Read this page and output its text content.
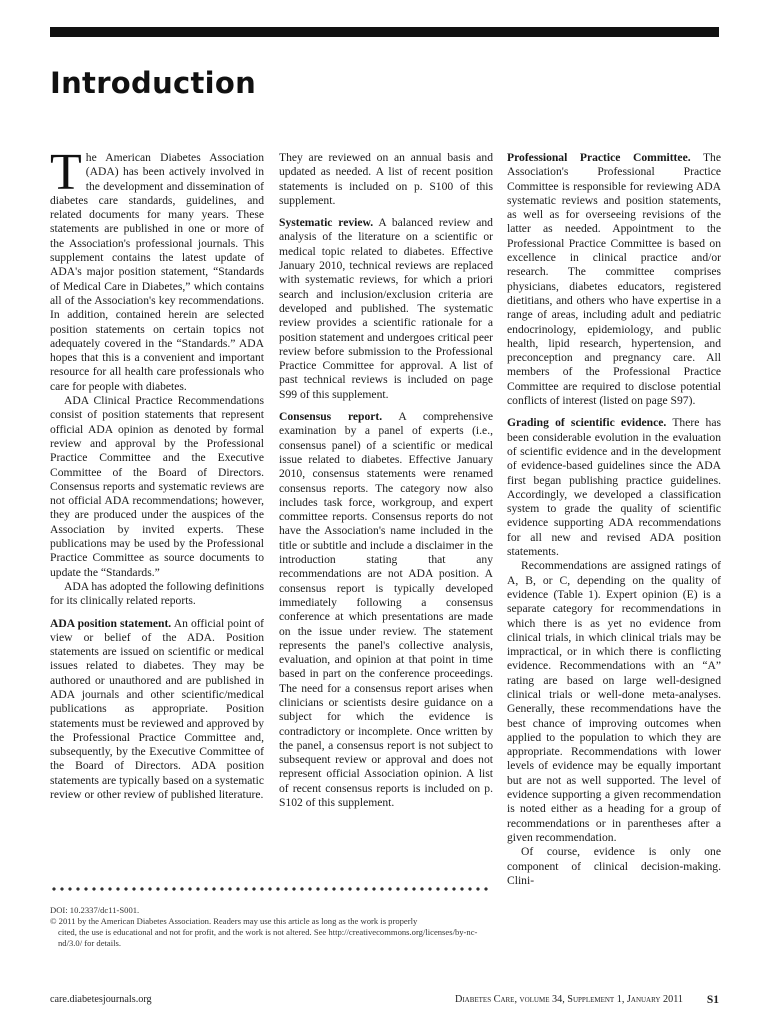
Introduction

The American Diabetes Association (ADA) has been actively involved in the development and dissemination of diabetes care standards, guidelines, and related documents for many years. These statements are published in one or more of the Association's professional journals. This supplement contains the latest update of ADA's major position statement, “Standards of Medical Care in Diabetes,” which contains all of the Association's key recommendations. In addition, contained herein are selected position statements on certain topics not adequately covered in the “Standards.” ADA hopes that this is a convenient and important resource for all health care professionals who care for people with diabetes.

ADA Clinical Practice Recommendations consist of position statements that represent official ADA opinion as denoted by formal review and approval by the Professional Practice Committee and the Executive Committee of the Board of Directors. Consensus reports and systematic reviews are not official ADA recommendations; however, they are produced under the auspices of the Association by invited experts. These publications may be used by the Professional Practice Committee as source documents to update the “Standards.”

ADA has adopted the following definitions for its clinically related reports.

ADA position statement. An official point of view or belief of the ADA. Position statements are issued on scientific or medical issues related to diabetes. They may be authored or unauthored and are published in ADA journals and other scientific/medical publications as appropriate. Position statements must be reviewed and approved by the Professional Practice Committee and, subsequently, by the Executive Committee of the Board of Directors. ADA position statements are typically based on a systematic review or other review of published literature.

They are reviewed on an annual basis and updated as needed. A list of recent position statements is included on p. S100 of this supplement.

Systematic review. A balanced review and analysis of the literature on a scientific or medical topic related to diabetes. Effective January 2010, technical reviews are replaced with systematic reviews, for which a priori search and inclusion/exclusion criteria are developed and published. The systematic review provides a scientific rationale for a position statement and undergoes critical peer review before submission to the Professional Practice Committee for approval. A list of past technical reviews is included on page S99 of this supplement.

Consensus report. A comprehensive examination by a panel of experts (i.e., consensus panel) of a scientific or medical issue related to diabetes. Effective January 2010, consensus statements were renamed consensus reports. The category now also includes task force, workgroup, and expert committee reports. Consensus reports do not have the Association's name included in the title or subtitle and include a disclaimer in the introduction stating that any recommendations are not ADA position. A consensus report is typically developed immediately following a consensus conference at which presentations are made on the issue under review. The statement represents the panel's collective analysis, evaluation, and opinion at that point in time based in part on the conference proceedings. The need for a consensus report arises when clinicians or scientists desire guidance on a subject for which the evidence is contradictory or incomplete. Once written by the panel, a consensus report is not subject to subsequent review or approval and does not represent official Association opinion. A list of recent consensus reports is included on p. S102 of this supplement.

Professional Practice Committee. The Association's Professional Practice Committee is responsible for reviewing ADA systematic reviews and position statements, as well as for overseeing revisions of the latter as needed. Appointment to the Professional Practice Committee is based on excellence in clinical practice and/or research. The committee comprises physicians, diabetes educators, registered dietitians, and others who have expertise in a range of areas, including adult and pediatric endocrinology, epidemiology, and public health, lipid research, hypertension, and preconception and pregnancy care. All members of the Professional Practice Committee are required to disclose potential conflicts of interest (listed on page S97).

Grading of scientific evidence. There has been considerable evolution in the evaluation of scientific evidence and in the development of evidence-based guidelines since the ADA first began publishing practice guidelines. Accordingly, we developed a classification system to grade the quality of scientific evidence supporting ADA recommendations for all new and revised ADA position statements.

Recommendations are assigned ratings of A, B, or C, depending on the quality of evidence (Table 1). Expert opinion (E) is a separate category for recommendations in which there is as yet no evidence from clinical trials, in which clinical trials may be impractical, or in which there is conflicting evidence. Recommendations with an “A” rating are based on large well-designed clinical trials or well-done meta-analyses. Generally, these recommendations have the best chance of improving outcomes when applied to the population to which they are appropriate. Recommendations with lower levels of evidence may be equally important but are not as well supported. The level of evidence supporting a given recommendation is noted either as a heading for a group of recommendations or in parentheses after a given recommendation.

Of course, evidence is only one component of clinical decision-making. Clini-

DOI: 10.2337/dc11-S001.

© 2011 by the American Diabetes Association. Readers may use this article as long as the work is properly

cited, the use is educational and not for profit, and the work is not altered. See http://creativecommons.org/licenses/by-nc-nd/3.0/ for details.

care.diabetesjournals.org	Diabetes Care, volume 34, Supplement 1, January 2011 S1
